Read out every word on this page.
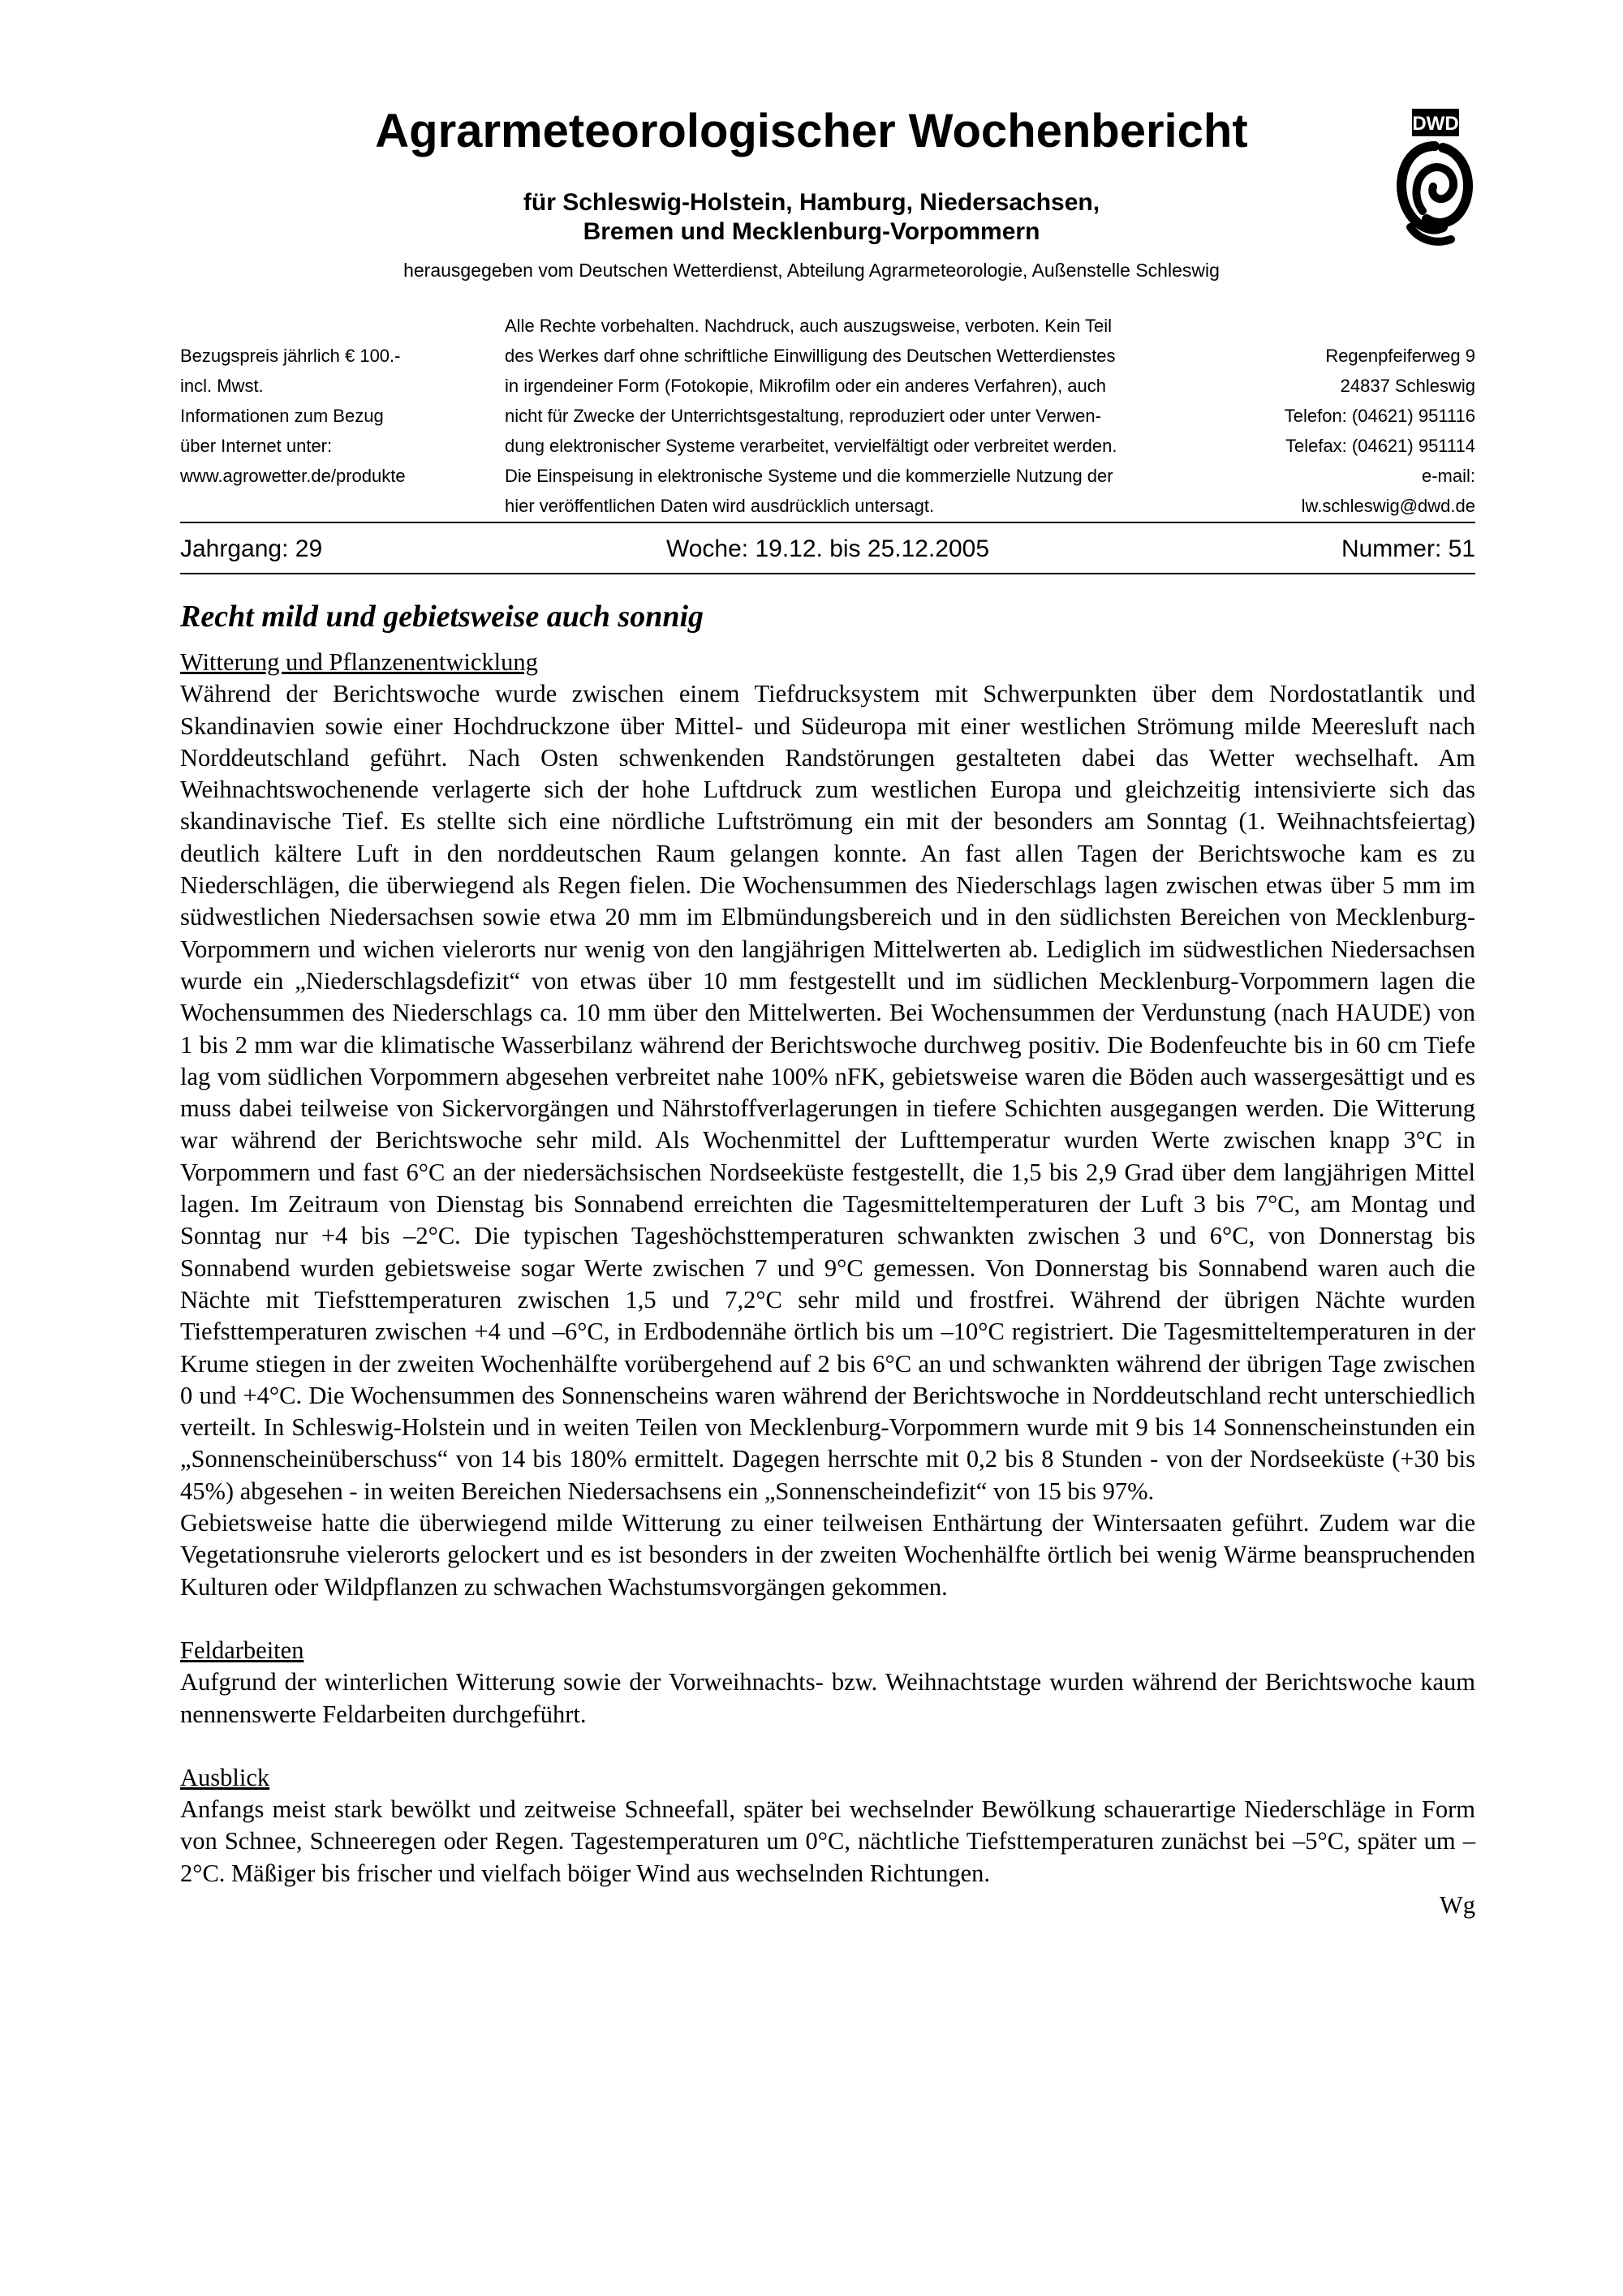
Agrarmeteorologischer Wochenbericht
für Schleswig-Holstein, Hamburg, Niedersachsen,
Bremen und Mecklenburg-Vorpommern
herausgegeben vom Deutschen Wetterdienst, Abteilung Agrarmeteorologie, Außenstelle Schleswig
DWD
Bezugspreis jährlich € 100.-
incl. Mwst.
Informationen zum Bezug
über Internet unter:
www.agrowetter.de/produkte
Alle Rechte vorbehalten. Nachdruck, auch auszugsweise, verboten. Kein Teil
des Werkes darf ohne schriftliche Einwilligung des Deutschen Wetterdienstes
in irgendeiner Form (Fotokopie, Mikrofilm oder ein anderes Verfahren), auch
nicht für Zwecke der Unterrichtsgestaltung, reproduziert oder unter Verwen-
dung elektronischer Systeme verarbeitet, vervielfältigt oder verbreitet werden.
Die Einspeisung in elektronische Systeme und die kommerzielle Nutzung der
hier veröffentlichen Daten wird ausdrücklich untersagt.
Regenpfeiferweg 9
24837 Schleswig
Telefon: (04621) 951116
Telefax: (04621) 951114
e-mail:
lw.schleswig@dwd.de
Jahrgang: 29	Woche: 19.12. bis 25.12.2005	Nummer: 51

Recht mild und gebietsweise auch sonnig

Witterung und Pflanzenentwicklung

Während der Berichtswoche wurde zwischen einem Tiefdrucksystem mit Schwerpunkten über dem Nordostatlantik und Skandinavien sowie einer Hochdruckzone über Mittel- und Südeuropa mit einer westlichen Strömung milde Meeresluft nach Norddeutschland geführt. Nach Osten schwenkenden Randstörungen gestalteten dabei das Wetter wechselhaft. Am Weihnachtswochenende verlagerte sich der hohe Luftdruck zum westlichen Europa und gleichzeitig intensivierte sich das skandinavische Tief. Es stellte sich eine nördliche Luftströmung ein mit der besonders am Sonntag (1. Weihnachtsfeiertag) deutlich kältere Luft in den norddeutschen Raum gelangen konnte. An fast allen Tagen der Berichtswoche kam es zu Niederschlägen, die überwiegend als Regen fielen. Die Wochensummen des Niederschlags lagen zwischen etwas über 5 mm im südwestlichen Niedersachsen sowie etwa 20 mm im Elbmündungsbereich und in den südlichsten Bereichen von Mecklenburg-Vorpommern und wichen vielerorts nur wenig von den langjährigen Mittelwerten ab. Lediglich im südwestlichen Niedersachsen wurde ein „Niederschlagsdefizit“ von etwas über 10 mm festgestellt und im südlichen Mecklenburg-Vorpommern lagen die Wochensummen des Niederschlags ca. 10 mm über den Mittelwerten. Bei Wochensummen der Verdunstung (nach HAUDE) von 1 bis 2 mm war die klimatische Wasserbilanz während der Berichtswoche durchweg positiv. Die Bodenfeuchte bis in 60 cm Tiefe lag vom südlichen Vorpommern abgesehen verbreitet nahe 100% nFK, gebietsweise waren die Böden auch wassergesättigt und es muss dabei teilweise von Sickervorgängen und Nährstoffverlagerungen in tiefere Schichten ausgegangen werden. Die Witterung war während der Berichtswoche sehr mild. Als Wochenmittel der Lufttemperatur wurden Werte zwischen knapp 3°C in Vorpommern und fast 6°C an der niedersächsischen Nordseeküste festgestellt, die 1,5 bis 2,9 Grad über dem langjährigen Mittel lagen. Im Zeitraum von Dienstag bis Sonnabend erreichten die Tagesmitteltemperaturen der Luft 3 bis 7°C, am Montag und Sonntag nur +4 bis –2°C. Die typischen Tageshöchsttemperaturen schwankten zwischen 3 und 6°C, von Donnerstag bis Sonnabend wurden gebietsweise sogar Werte zwischen 7 und 9°C gemessen. Von Donnerstag bis Sonnabend waren auch die Nächte mit Tiefsttemperaturen zwischen 1,5 und 7,2°C sehr mild und frostfrei. Während der übrigen Nächte wurden Tiefsttemperaturen zwischen +4 und –6°C, in Erdbodennähe örtlich bis um –10°C registriert. Die Tagesmitteltemperaturen in der Krume stiegen in der zweiten Wochenhälfte vorübergehend auf 2 bis 6°C an und schwankten während der übrigen Tage zwischen 0 und +4°C. Die Wochensummen des Sonnenscheins waren während der Berichtswoche in Norddeutschland recht unterschiedlich verteilt. In Schleswig-Holstein und in weiten Teilen von Mecklenburg-Vorpommern wurde mit 9 bis 14 Sonnenscheinstunden ein „Sonnenscheinüberschuss“ von 14 bis 180% ermittelt. Dagegen herrschte mit 0,2 bis 8 Stunden - von der Nordseeküste (+30 bis 45%) abgesehen - in weiten Bereichen Niedersachsens ein „Sonnenscheindefizit“ von 15 bis 97%.

Gebietsweise hatte die überwiegend milde Witterung zu einer teilweisen Enthärtung der Wintersaaten geführt. Zudem war die Vegetationsruhe vielerorts gelockert und es ist besonders in der zweiten Wochenhälfte örtlich bei wenig Wärme beanspruchenden Kulturen oder Wildpflanzen zu schwachen Wachstumsvorgängen gekommen.

Feldarbeiten

Aufgrund der winterlichen Witterung sowie der Vorweihnachts- bzw. Weihnachtstage wurden während der Berichtswoche kaum nennenswerte Feldarbeiten durchgeführt.

Ausblick

Anfangs meist stark bewölkt und zeitweise Schneefall, später bei wechselnder Bewölkung schauerartige Niederschläge in Form von Schnee, Schneeregen oder Regen. Tagestemperaturen um 0°C, nächtliche Tiefsttemperaturen zunächst bei –5°C, später um –2°C. Mäßiger bis frischer und vielfach böiger Wind aus wechselnden Richtungen.

Wg
